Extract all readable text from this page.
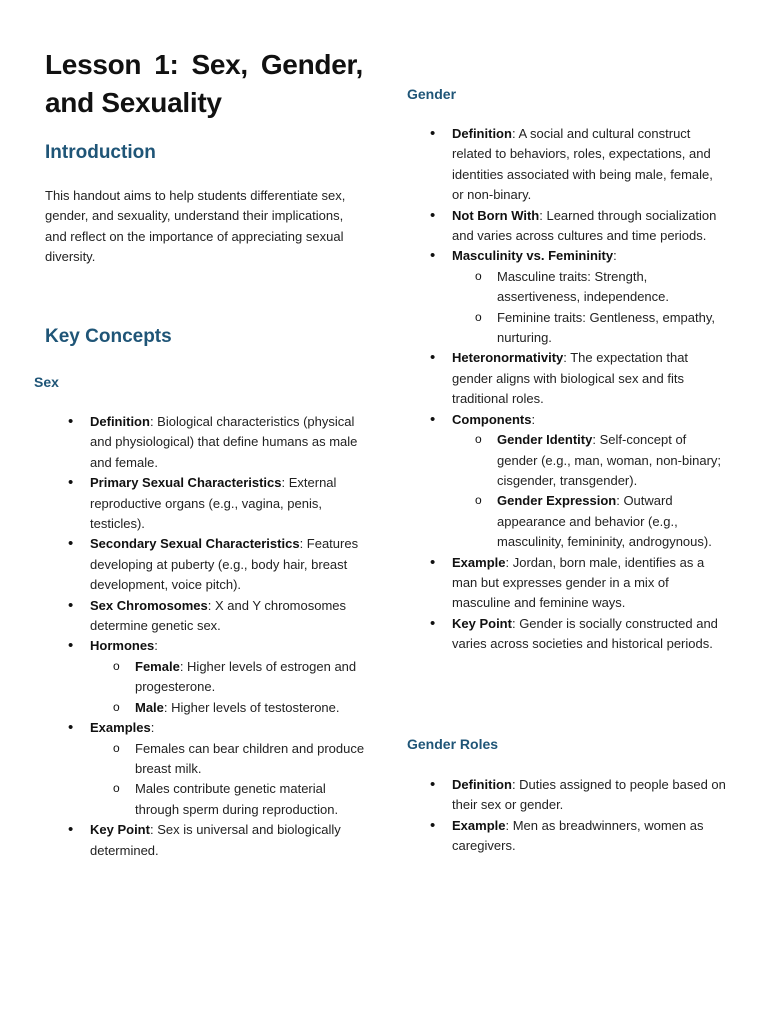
Lesson 1: Sex, Gender, and Sexuality
Introduction

This handout aims to help students differentiate sex, gender, and sexuality, understand their implications, and reflect on the importance of appreciating sexual diversity.

Key Concepts
Sex
• Definition: Biological characteristics (physical and physiological) that define humans as male and female.
• Primary Sexual Characteristics: External reproductive organs (e.g., vagina, penis, testicles).
• Secondary Sexual Characteristics: Features developing at puberty (e.g., body hair, breast development, voice pitch).
• Sex Chromosomes: X and Y chromosomes determine genetic sex.
• Hormones:
o Female: Higher levels of estrogen and progesterone.
o Male: Higher levels of testosterone.
• Examples:
o Females can bear children and produce breast milk.
o Males contribute genetic material through sperm during reproduction.
• Key Point: Sex is universal and biologically determined.
Gender
• Definition: A social and cultural construct related to behaviors, roles, expectations, and identities associated with being male, female, or non-binary.
• Not Born With: Learned through socialization and varies across cultures and time periods.
• Masculinity vs. Femininity:
o Masculine traits: Strength, assertiveness, independence.
o Feminine traits: Gentleness, empathy, nurturing.
• Heteronormativity: The expectation that gender aligns with biological sex and fits traditional roles.
• Components:
o Gender Identity: Self-concept of gender (e.g., man, woman, non-binary; cisgender, transgender).
o Gender Expression: Outward appearance and behavior (e.g., masculinity, femininity, androgynous).
• Example: Jordan, born male, identifies as a man but expresses gender in a mix of masculine and feminine ways.
• Key Point: Gender is socially constructed and varies across societies and historical periods.
Gender Roles
• Definition: Duties assigned to people based on their sex or gender.
• Example: Men as breadwinners, women as caregivers.
